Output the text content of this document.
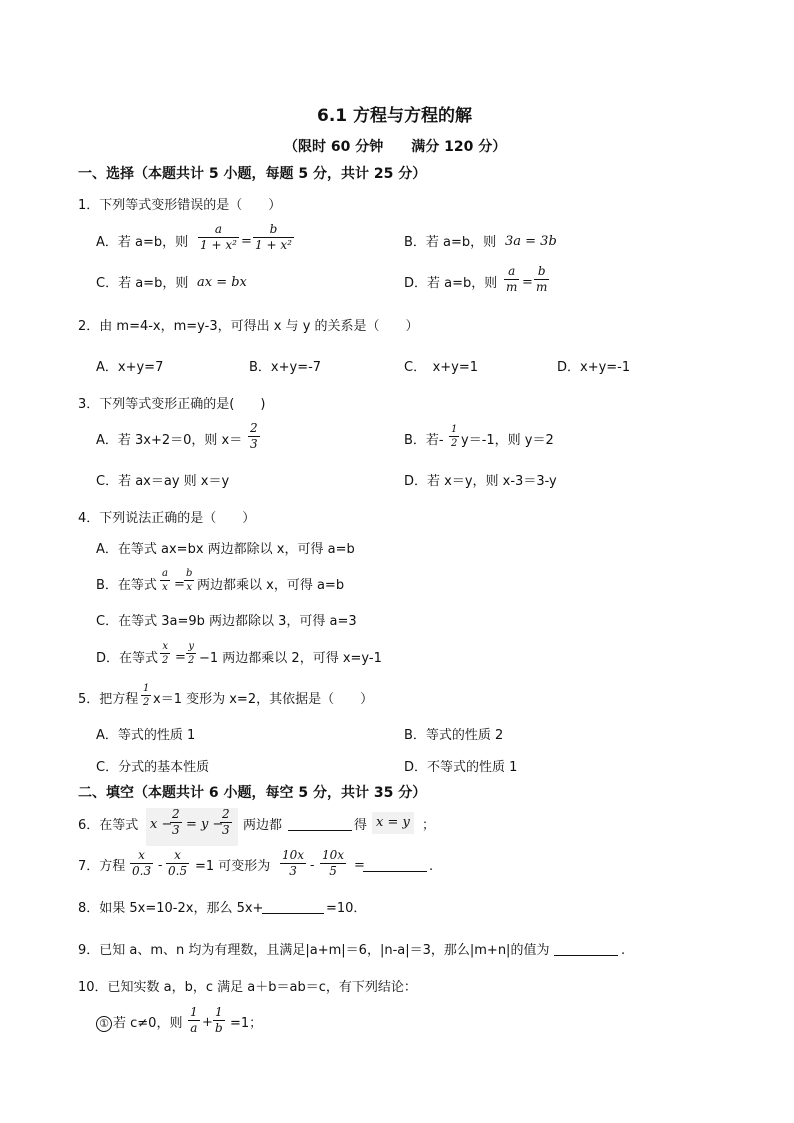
6.1 方程与方程的解
（限时 60 分钟　　满分 120 分）
一、选择（本题共计 5 小题，每题 5 分，共计 25 分）
1．下列等式变形错误的是（　　）
A．若 a=b，则
a
1 + x² =
b
1 + x²	B．若 a=b，则 3a = 3b
C．若 a=b，则 ax = bx	D．若 a=b，则
a
m =
b
m
2．由 m=4-x，m=y-3，可得出 x 与 y 的关系是（　　）
A．x+y=7	B．x+y=-7	C．　x+y=1	D．x+y=-1
3．下列等式变形正确的是(　　)
A．若 3x+2＝0，则 x＝
2
3	B．若-
1
2 y＝-1，则 y＝2
C．若 ax＝ay 则 x＝y	D．若 x＝y，则 x-3＝3-y
4．下列说法正确的是（　　）
A．在等式 ax=bx 两边都除以 x，可得 a=b
B．在等式
a
x =
b
x 两边都乘以 x，可得 a=b
C．在等式 3a=9b 两边都除以 3，可得 a=3
D．在等式
x
2 =
y
2 −1 两边都乘以 2，可得 x=y-1
5．把方程
1
2 x＝1 变形为 x=2，其依据是（　　）
A．等式的性质 1	B．等式的性质 2
C．分式的基本性质	D．不等式的性质 1
二、填空（本题共计 6 小题，每空 5 分，共计 35 分）
6．在等式 x −
2
3 = y −
2
3 两边都	得 x = y ；
7．方程
x
0.3 -
x
0.5 =1 可变形为
10x
3 -
10x
5 =	.
8．如果 5x=10-2x，那么 5x+	=10．
9．已知 a、m、n 均为有理数，且满足|a+m|＝6，|n-a|＝3，那么|m+n|的值为	.
10．已知实数 a，b，c 满足 a＋b＝ab＝c，有下列结论：
① 若 c≠0，则
1
a +
1
b =1；
